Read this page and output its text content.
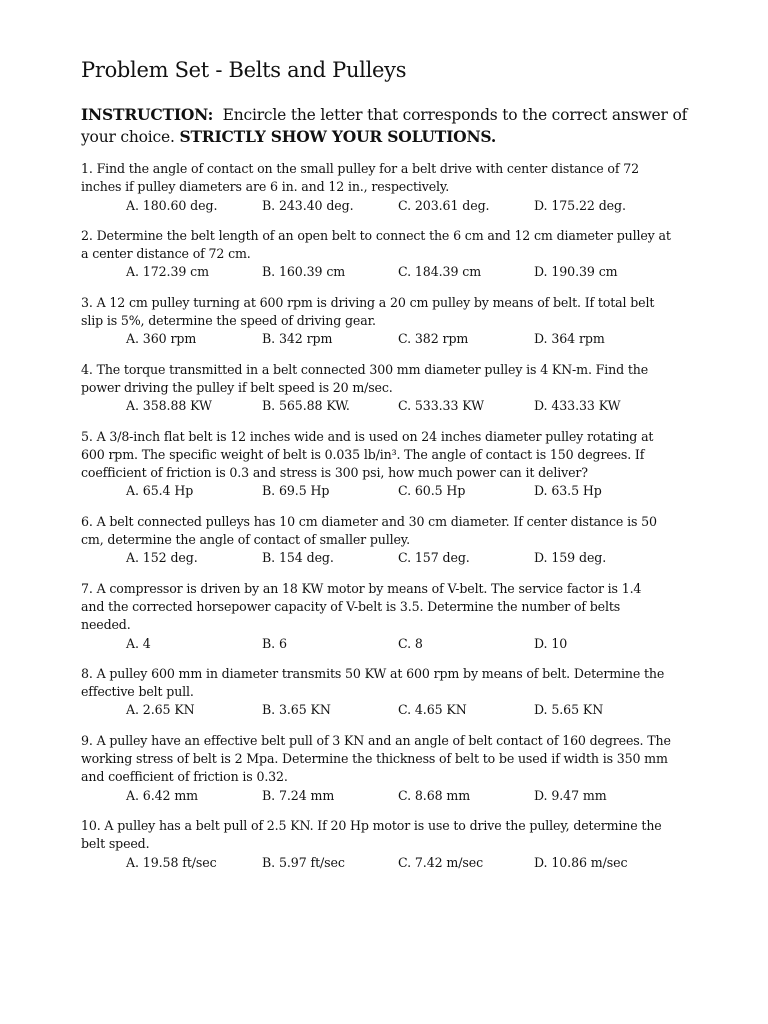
Problem Set - Belts and Pulleys

INSTRUCTION: Encircle the letter that corresponds to the correct answer of your choice. STRICTLY SHOW YOUR SOLUTIONS.

1. Find the angle of contact on the small pulley for a belt drive with center distance of 72
inches if pulley diameters are 6 in. and 12 in., respectively.

A. 180.60 deg.	B. 243.40 deg.	C. 203.61 deg.	D. 175.22 deg.

2. Determine the belt length of an open belt to connect the 6 cm and 12 cm diameter pulley at
a center distance of 72 cm.

A. 172.39 cm	B. 160.39 cm	C. 184.39 cm	D. 190.39 cm

3. A 12 cm pulley turning at 600 rpm is driving a 20 cm pulley by means of belt. If total belt
slip is 5%, determine the speed of driving gear.

A. 360 rpm	B. 342 rpm	C. 382 rpm	D. 364 rpm

4. The torque transmitted in a belt connected 300 mm diameter pulley is 4 KN-m. Find the
power driving the pulley if belt speed is 20 m/sec.

A. 358.88 KW	B. 565.88 KW.	C. 533.33 KW	D. 433.33 KW

5. A 3/8-inch flat belt is 12 inches wide and is used on 24 inches diameter pulley rotating at
600 rpm. The specific weight of belt is 0.035 lb/in³. The angle of contact is 150 degrees. If
coefficient of friction is 0.3 and stress is 300 psi, how much power can it deliver?

A. 65.4 Hp	B. 69.5 Hp	C. 60.5 Hp	D. 63.5 Hp

6. A belt connected pulleys has 10 cm diameter and 30 cm diameter. If center distance is 50
cm, determine the angle of contact of smaller pulley.

A. 152 deg.	B. 154 deg.	C. 157 deg.	D. 159 deg.

7. A compressor is driven by an 18 KW motor by means of V-belt. The service factor is 1.4
and the corrected horsepower capacity of V-belt is 3.5. Determine the number of belts
needed.

A. 4	B. 6	C. 8	D. 10

8. A pulley 600 mm in diameter transmits 50 KW at 600 rpm by means of belt. Determine the
effective belt pull.

A. 2.65 KN	B. 3.65 KN	C. 4.65 KN	D. 5.65 KN

9. A pulley have an effective belt pull of 3 KN and an angle of belt contact of 160 degrees. The
working stress of belt is 2 Mpa. Determine the thickness of belt to be used if width is 350 mm
and coefficient of friction is 0.32.

A. 6.42 mm	B. 7.24 mm	C. 8.68 mm	D. 9.47 mm

10. A pulley has a belt pull of 2.5 KN. If 20 Hp motor is use to drive the pulley, determine the
belt speed.

A. 19.58 ft/sec	B. 5.97 ft/sec	C. 7.42 m/sec	D. 10.86 m/sec
